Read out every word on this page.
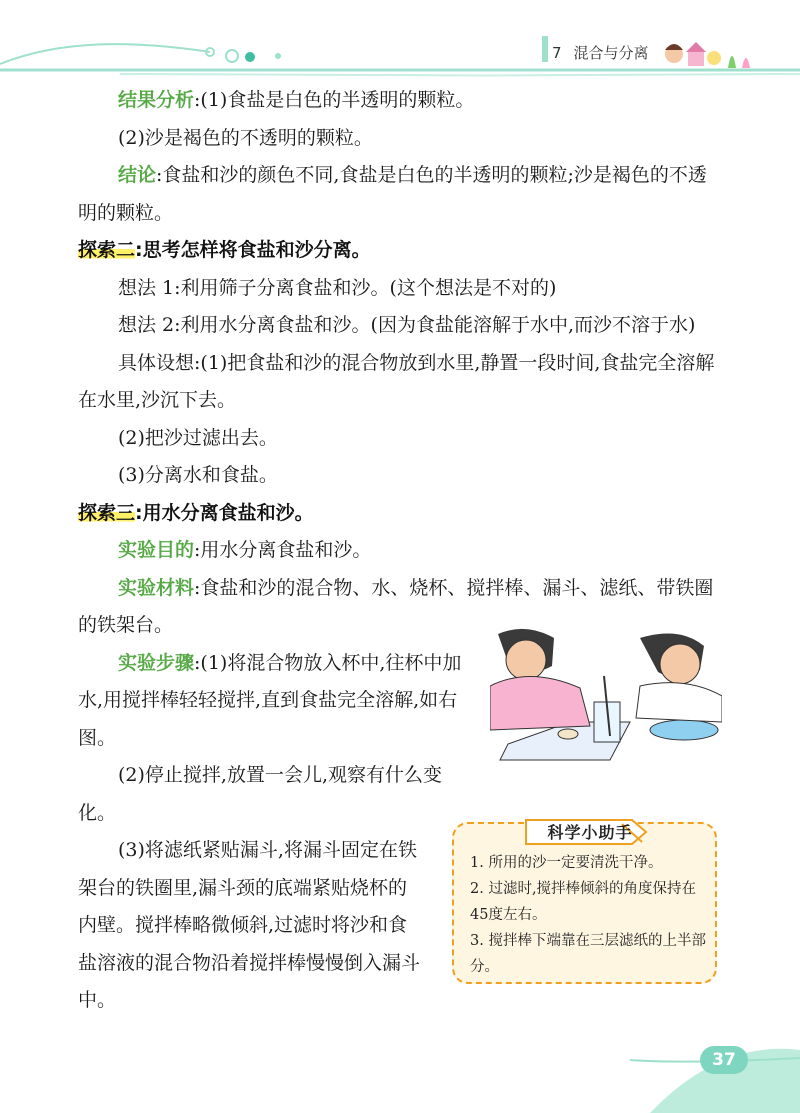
7 混合与分离

结果分析:(1)食盐是白色的半透明的颗粒。

(2)沙是褐色的不透明的颗粒。

结论:食盐和沙的颜色不同,食盐是白色的半透明的颗粒;沙是褐色的不透明的颗粒。

探索二:思考怎样将食盐和沙分离。

想法 1:利用筛子分离食盐和沙。(这个想法是不对的)

想法 2:利用水分离食盐和沙。(因为食盐能溶解于水中,而沙不溶于水)

具体设想:(1)把食盐和沙的混合物放到水里,静置一段时间,食盐完全溶解在水里,沙沉下去。

(2)把沙过滤出去。

(3)分离水和食盐。

探索三:用水分离食盐和沙。

实验目的:用水分离食盐和沙。

实验材料:食盐和沙的混合物、水、烧杯、搅拌棒、漏斗、滤纸、带铁圈的铁架台。

实验步骤:(1)将混合物放入杯中,往杯中加水,用搅拌棒轻轻搅拌,直到食盐完全溶解,如右图。

(2)停止搅拌,放置一会儿,观察有什么变化。

(3)将滤纸紧贴漏斗,将漏斗固定在铁架台的铁圈里,漏斗颈的底端紧贴烧杯的内壁。搅拌棒略微倾斜,过滤时将沙和食盐溶液的混合物沿着搅拌棒慢慢倒入漏斗中。

科学小助手
1. 所用的沙一定要清洗干净。
2. 过滤时,搅拌棒倾斜的角度保持在45度左右。
3. 搅拌棒下端靠在三层滤纸的上半部分。
37
